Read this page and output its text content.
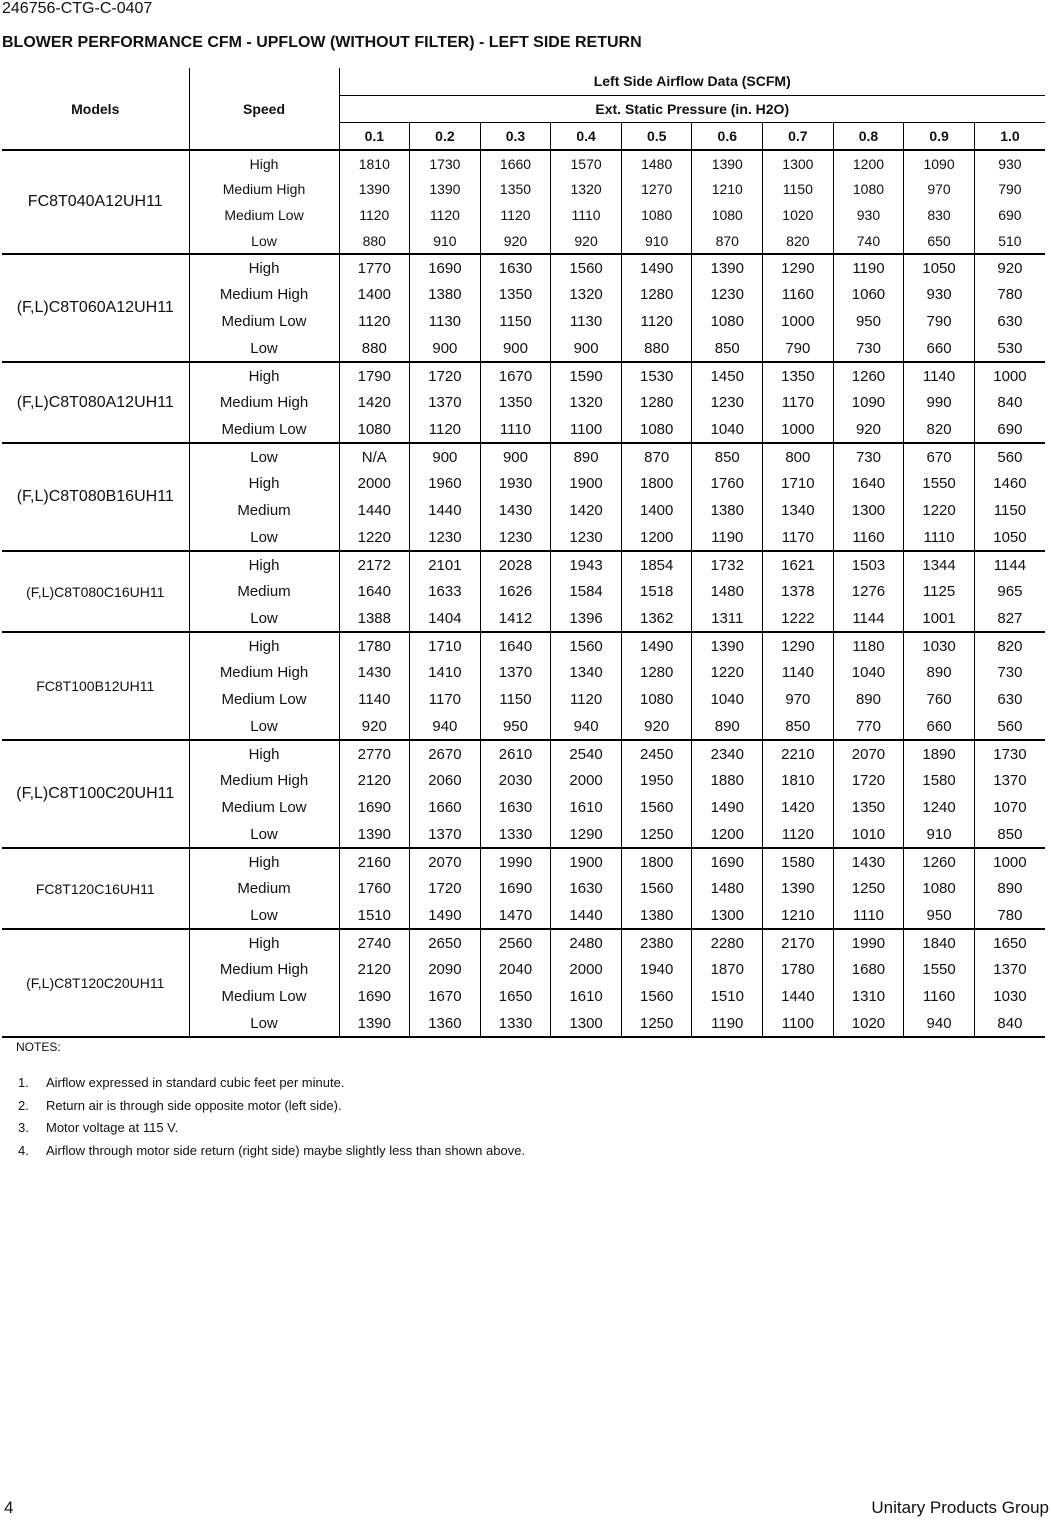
246756-CTG-C-0407
BLOWER PERFORMANCE CFM - UPFLOW (WITHOUT FILTER) - LEFT SIDE RETURN
Models	Speed	Left Side Airflow Data (SCFM)									
		Ext. Static Pressure (in. H2O)									
		0.1	0.2	0.3	0.4	0.5	0.6	0.7	0.8	0.9	1.0
FC8T040A12UH11	High	1810	1730	1660	1570	1480	1390	1300	1200	1090	930
	Medium High	1390	1390	1350	1320	1270	1210	1150	1080	970	790
	Medium Low	1120	1120	1120	1110	1080	1080	1020	930	830	690
	Low	880	910	920	920	910	870	820	740	650	510
(F,L)C8T060A12UH11	High	1770	1690	1630	1560	1490	1390	1290	1190	1050	920
	Medium High	1400	1380	1350	1320	1280	1230	1160	1060	930	780
	Medium Low	1120	1130	1150	1130	1120	1080	1000	950	790	630
	Low	880	900	900	900	880	850	790	730	660	530
(F,L)C8T080A12UH11	High	1790	1720	1670	1590	1530	1450	1350	1260	1140	1000
	Medium High	1420	1370	1350	1320	1280	1230	1170	1090	990	840
	Medium Low	1080	1120	1110	1100	1080	1040	1000	920	820	690
(F,L)C8T080B16UH11	Low	N/A	900	900	890	870	850	800	730	670	560
	High	2000	1960	1930	1900	1800	1760	1710	1640	1550	1460
	Medium	1440	1440	1430	1420	1400	1380	1340	1300	1220	1150
	Low	1220	1230	1230	1230	1200	1190	1170	1160	1110	1050
(F,L)C8T080C16UH11	High	2172	2101	2028	1943	1854	1732	1621	1503	1344	1144
	Medium	1640	1633	1626	1584	1518	1480	1378	1276	1125	965
	Low	1388	1404	1412	1396	1362	1311	1222	1144	1001	827
FC8T100B12UH11	High	1780	1710	1640	1560	1490	1390	1290	1180	1030	820
	Medium High	1430	1410	1370	1340	1280	1220	1140	1040	890	730
	Medium Low	1140	1170	1150	1120	1080	1040	970	890	760	630
	Low	920	940	950	940	920	890	850	770	660	560
(F,L)C8T100C20UH11	High	2770	2670	2610	2540	2450	2340	2210	2070	1890	1730
	Medium High	2120	2060	2030	2000	1950	1880	1810	1720	1580	1370
	Medium Low	1690	1660	1630	1610	1560	1490	1420	1350	1240	1070
	Low	1390	1370	1330	1290	1250	1200	1120	1010	910	850
FC8T120C16UH11	High	2160	2070	1990	1900	1800	1690	1580	1430	1260	1000
	Medium	1760	1720	1690	1630	1560	1480	1390	1250	1080	890
	Low	1510	1490	1470	1440	1380	1300	1210	1110	950	780
(F,L)C8T120C20UH11	High	2740	2650	2560	2480	2380	2280	2170	1990	1840	1650
	Medium High	2120	2090	2040	2000	1940	1870	1780	1680	1550	1370
	Medium Low	1690	1670	1650	1610	1560	1510	1440	1310	1160	1030
	Low	1390	1360	1330	1300	1250	1190	1100	1020	940	840
NOTES:
1. Airflow expressed in standard cubic feet per minute.
2. Return air is through side opposite motor (left side).
3. Motor voltage at 115 V.
4. Airflow through motor side return (right side) maybe slightly less than shown above.
4	Unitary Products Group
